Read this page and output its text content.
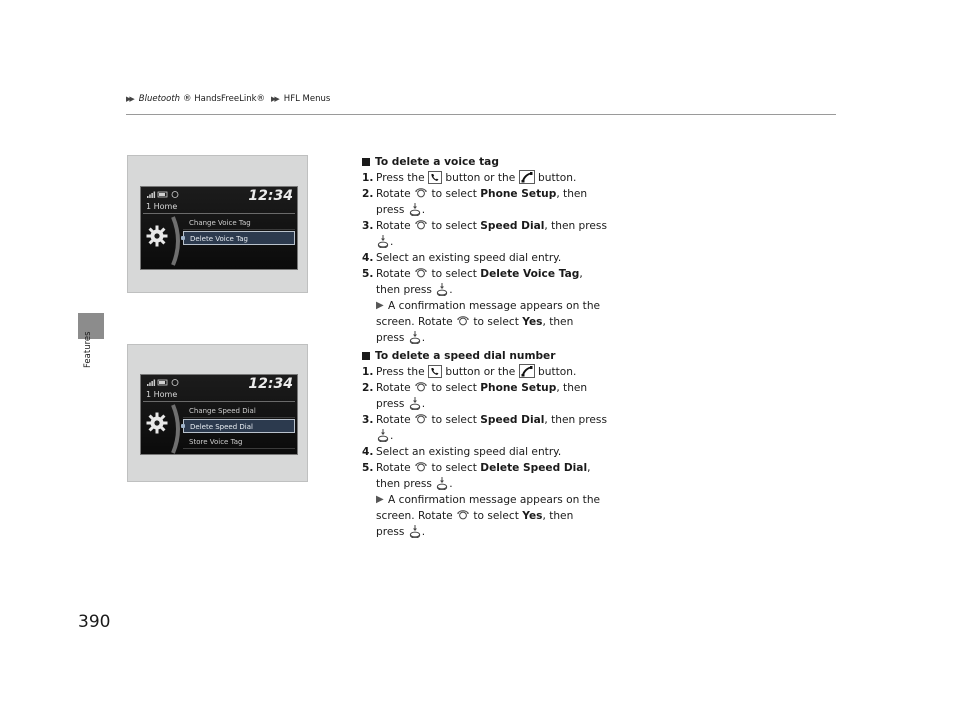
▶▶ Bluetooth ® HandsFreeLink® ▶▶ HFL Menus
Features
390
12:34
1 Home
Change Voice Tag
Delete Voice Tag
12:34
1 Home
Change Speed Dial
Delete Speed Dial
Store Voice Tag
To delete a voice tag
1. Press the button or the button.
2. Rotate to select Phone Setup, then
press .
3. Rotate to select Speed Dial, then press
.
4. Select an existing speed dial entry.
5. Rotate to select Delete Voice Tag,
then press .
▶ A confirmation message appears on the
screen. Rotate to select Yes, then
press .
To delete a speed dial number
1. Press the button or the button.
2. Rotate to select Phone Setup, then
press .
3. Rotate to select Speed Dial, then press
.
4. Select an existing speed dial entry.
5. Rotate to select Delete Speed Dial,
then press .
▶ A confirmation message appears on the
screen. Rotate to select Yes, then
press .
